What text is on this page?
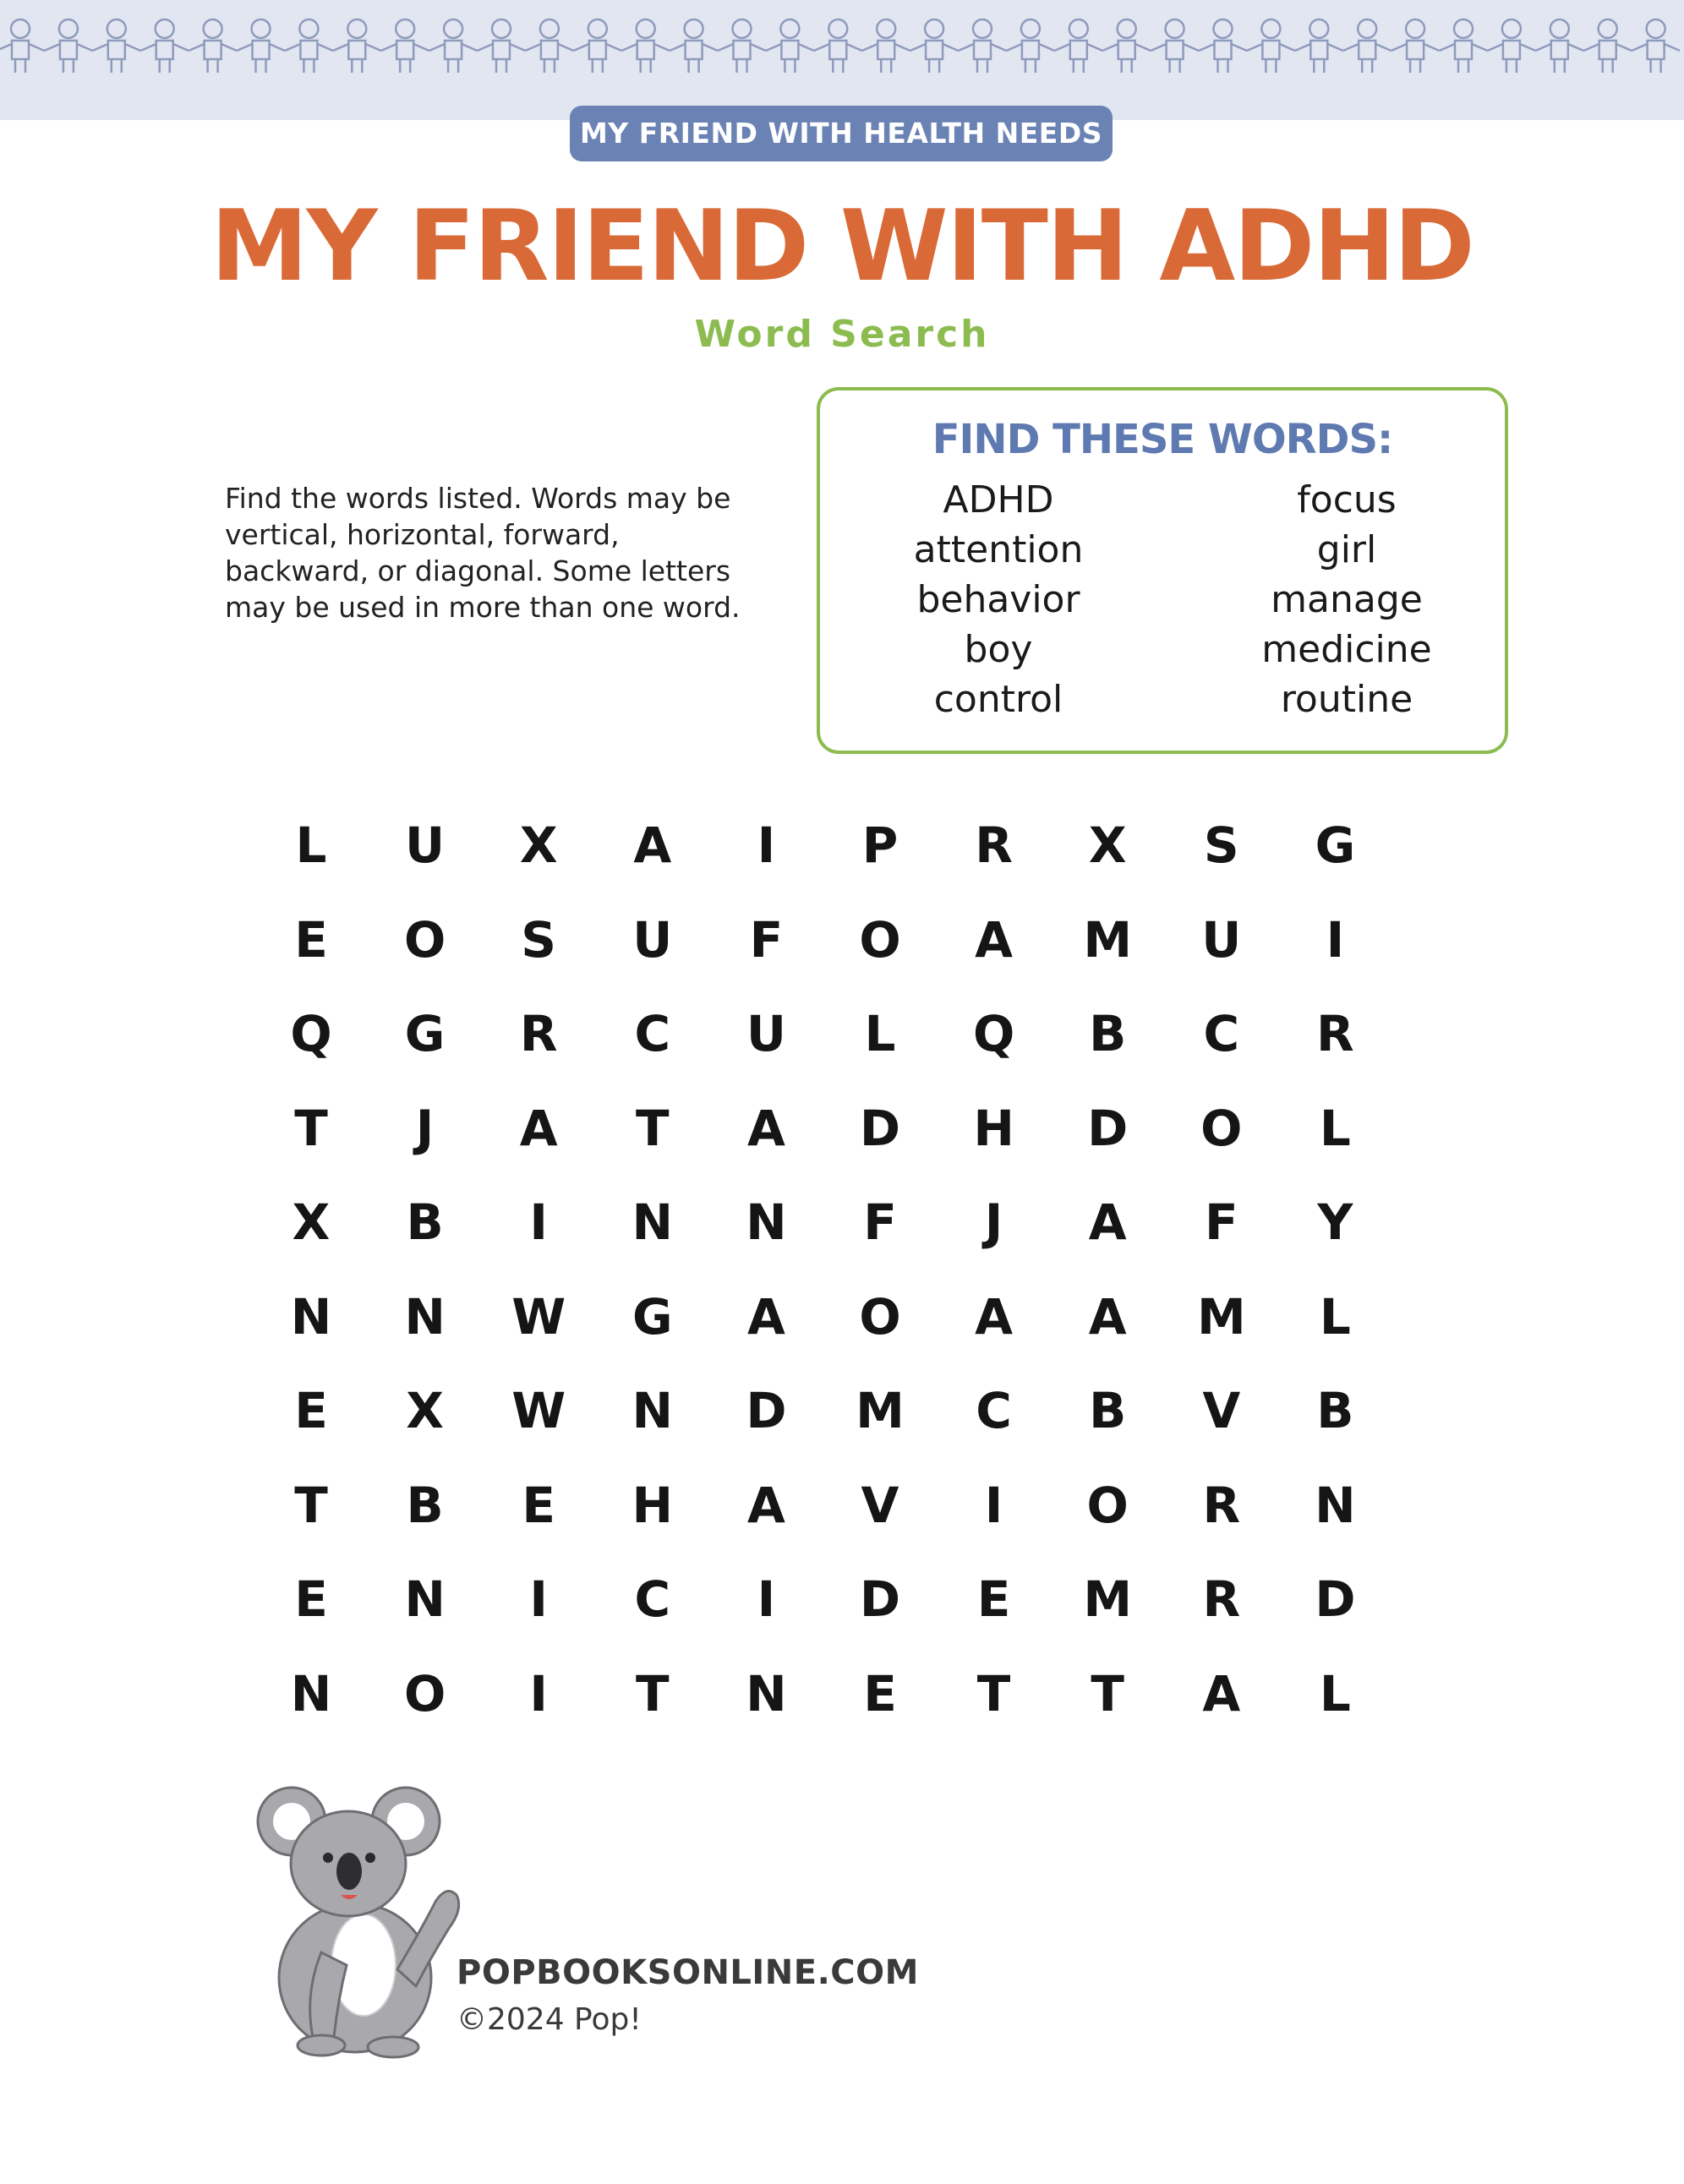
MY FRIEND WITH HEALTH NEEDS
MY FRIEND WITH ADHD
Word Search

Find the words listed. Words may be vertical, horizontal, forward, backward, or diagonal. Some letters may be used in more than one word.

FIND THESE WORDS:
ADHD
attention
behavior
boy
control
focus
girl
manage
medicine
routine
L	U	X	A	I	P	R	X	S	G
E	O	S	U	F	O	A	M	U	I
Q	G	R	C	U	L	Q	B	C	R
T	J	A	T	A	D	H	D	O	L
X	B	I	N	N	F	J	A	F	Y
N	N	W	G	A	O	A	A	M	L
E	X	W	N	D	M	C	B	V	B
T	B	E	H	A	V	I	O	R	N
E	N	I	C	I	D	E	M	R	D
N	O	I	T	N	E	T	T	A	L
POPBOOKSONLINE.COM
©2024 Pop!
